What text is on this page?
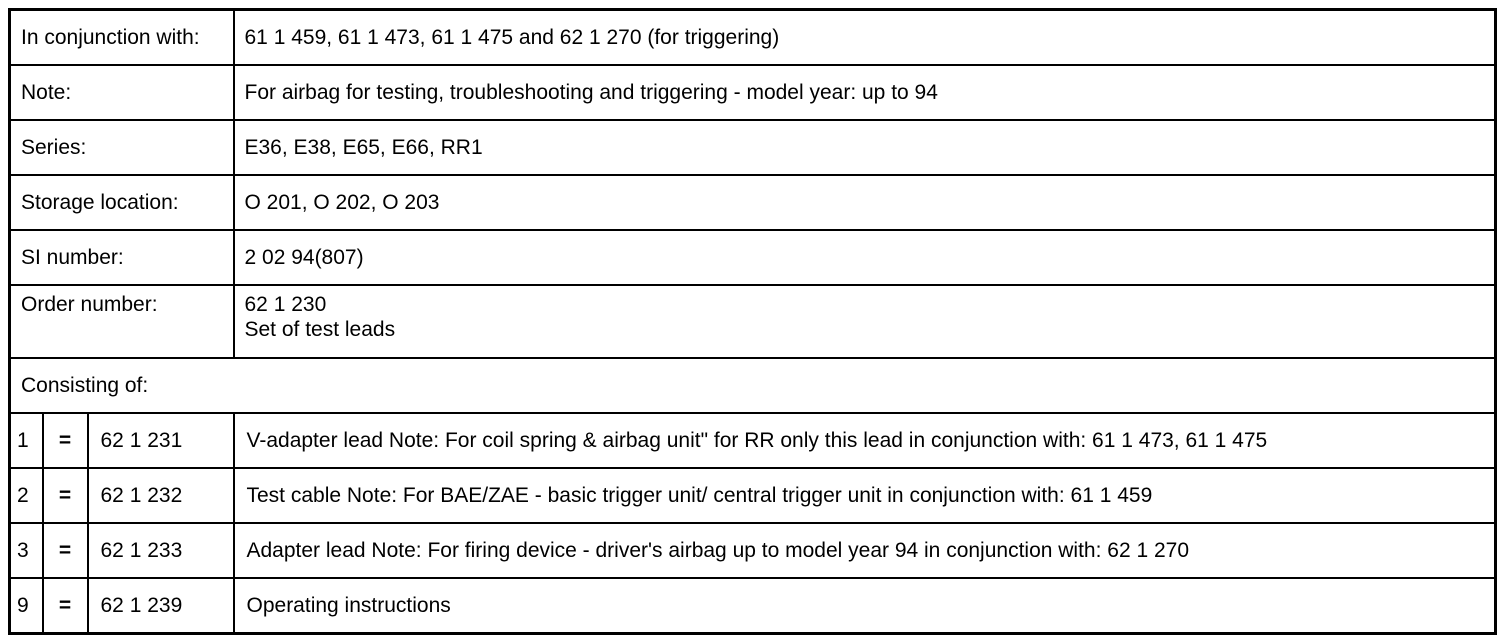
In conjunction with:			61 1 459, 61 1 473, 61 1 475 and 62 1 270 (for triggering)
Note:			For airbag for testing, troubleshooting and triggering - model year: up to 94
Series:			E36, E38, E65, E66, RR1
Storage location:			O 201, O 202, O 203
SI number:			2 02 94(807)
Order number:			62 1 230
Set of test leads

Consisting of:			
1	=	62 1 231	V-adapter lead Note: For coil spring & airbag unit" for RR only this lead in conjunction with: 61 1 473, 61 1 475
2	=	62 1 232	Test cable Note: For BAE/ZAE - basic trigger unit/ central trigger unit in conjunction with: 61 1 459
3	=	62 1 233	Adapter lead Note: For firing device - driver's airbag up to model year 94 in conjunction with: 62 1 270
9	=	62 1 239	Operating instructions
